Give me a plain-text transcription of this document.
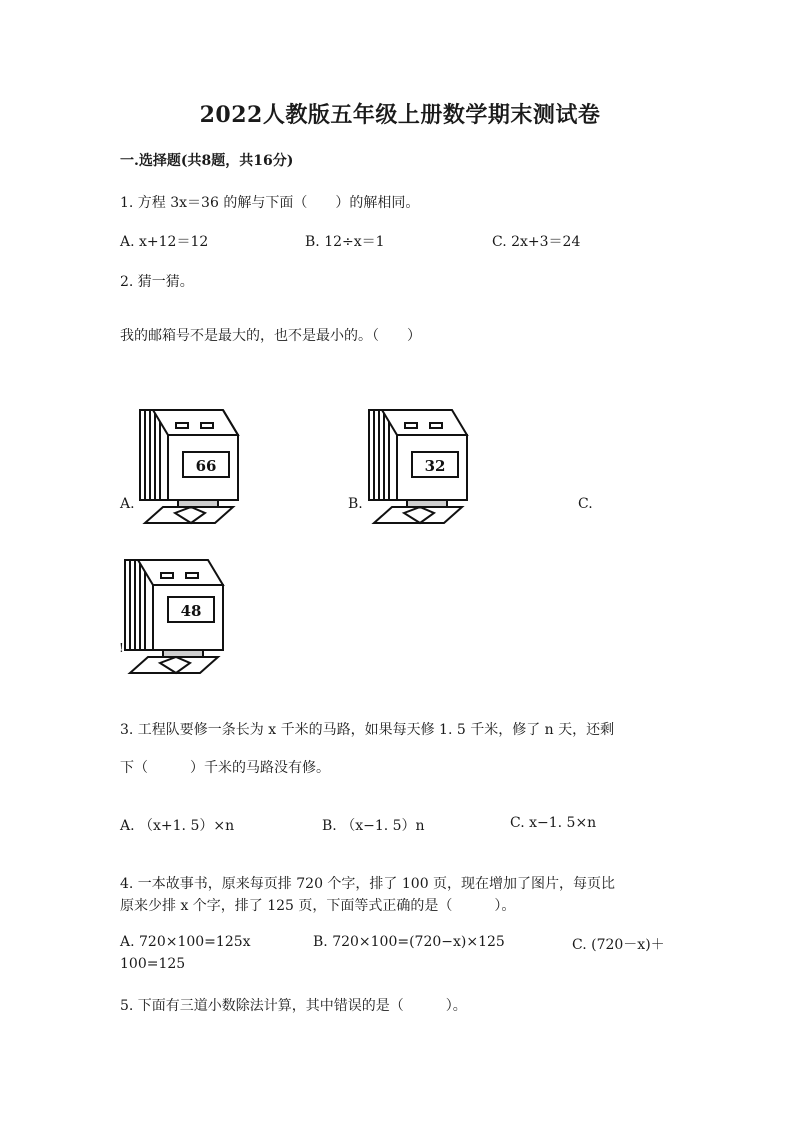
2022人教版五年级上册数学期末测试卷
一.选择题(共8题，共16分)
1. 方程 3x＝36 的解与下面（　　）的解相同。
A. x+12＝12	B. 12÷x＝1	C. 2x+3＝24
2. 猜一猜。
我的邮箱号不是最大的，也不是最小的。（　　）
A.
66
B.
32
C.
48
!
3. 工程队要修一条长为 x 千米的马路，如果每天修 1. 5 千米，修了 n 天，还剩
下（　　　）千米的马路没有修。
A. （x+1. 5）×n	B. （x−1. 5）n	C. x−1. 5×n
4. 一本故事书，原来每页排 720 个字，排了 100 页，现在增加了图片，每页比
原来少排 x 个字，排了 125 页，下面等式正确的是（　　　）。
A. 720×100=125x	B. 720×100=(720−x)×125	C. (720－x)＋
100=125
5. 下面有三道小数除法计算，其中错误的是（　　　）。
